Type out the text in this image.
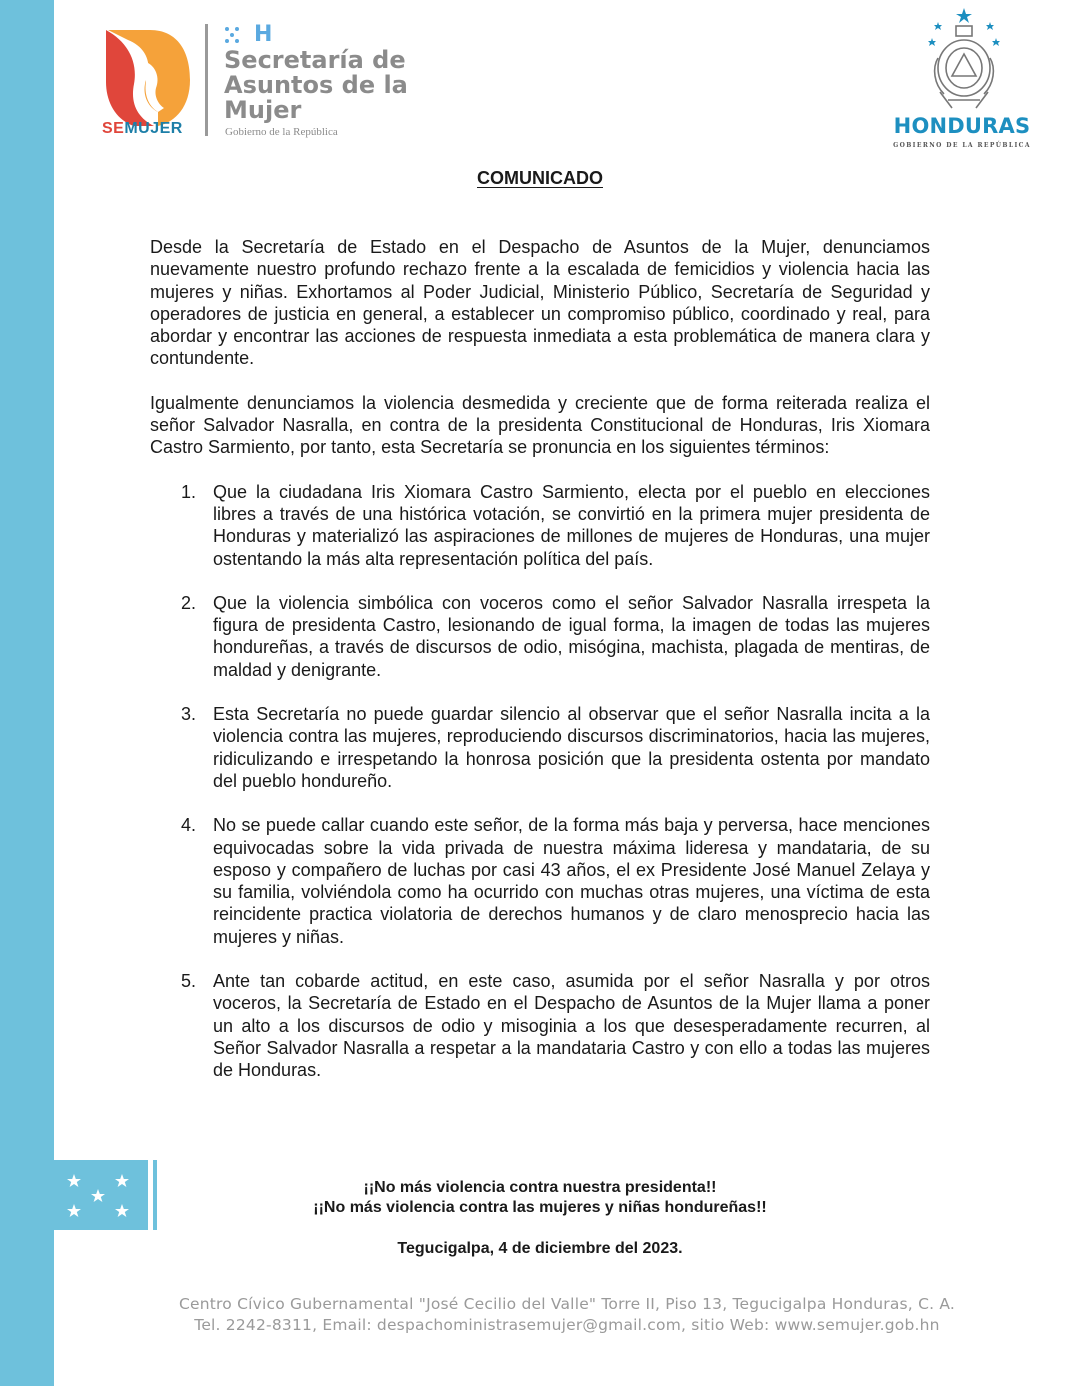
SEMUJER
H
Secretaría de
Asuntos de la
Mujer
Gobierno de la República	HONDURAS
GOBIERNO DE LA REPÚBLICA
COMUNICADO

Desde la Secretaría de Estado en el Despacho de Asuntos de la Mujer, denunciamos nuevamente nuestro profundo rechazo frente a la escalada de femicidios y violencia hacia las mujeres y niñas. Exhortamos al Poder Judicial, Ministerio Público, Secretaría de Seguridad y operadores de justicia en general, a establecer un compromiso público, coordinado y real, para abordar y encontrar las acciones de respuesta inmediata a esta problemática de manera clara y contundente.

Igualmente denunciamos la violencia desmedida y creciente que de forma reiterada realiza el señor Salvador Nasralla, en contra de la presidenta Constitucional de Honduras, Iris Xiomara Castro Sarmiento, por tanto, esta Secretaría se pronuncia en los siguientes términos:

1. Que la ciudadana Iris Xiomara Castro Sarmiento, electa por el pueblo en elecciones libres a través de una histórica votación, se convirtió en la primera mujer presidenta de Honduras y materializó las aspiraciones de millones de mujeres de Honduras, una mujer ostentando la más alta representación política del país.
2. Que la violencia simbólica con voceros como el señor Salvador Nasralla irrespeta la figura de presidenta Castro, lesionando de igual forma, la imagen de todas las mujeres hondureñas, a través de discursos de odio, misógina, machista, plagada de mentiras, de maldad y denigrante.
3. Esta Secretaría no puede guardar silencio al observar que el señor Nasralla incita a la violencia contra las mujeres, reproduciendo discursos discriminatorios, hacia las mujeres, ridiculizando e irrespetando la honrosa posición que la presidenta ostenta por mandato del pueblo hondureño.
4. No se puede callar cuando este señor, de la forma más baja y perversa, hace menciones equivocadas sobre la vida privada de nuestra máxima lideresa y mandataria, de su esposo y compañero de luchas por casi 43 años, el ex Presidente José Manuel Zelaya y su familia, volviéndola como ha ocurrido con muchas otras mujeres, una víctima de esta reincidente practica violatoria de derechos humanos y de claro menosprecio hacia las mujeres y niñas.
5. Ante tan cobarde actitud, en este caso, asumida por el señor Nasralla y por otros voceros, la Secretaría de Estado en el Despacho de Asuntos de la Mujer llama a poner un alto a los discursos de odio y misoginia a los que desesperadamente recurren, al Señor Salvador Nasralla a respetar a la mandataria Castro y con ello a todas las mujeres de Honduras.
¡¡No más violencia contra nuestra presidenta!!
¡¡No más violencia contra las mujeres y niñas hondureñas!!
Tegucigalpa, 4 de diciembre del 2023.
Centro Cívico Gubernamental "José Cecilio del Valle" Torre II, Piso 13, Tegucigalpa Honduras, C. A.
Tel. 2242-8311, Email: despachoministrasemujer@gmail.com, sitio Web: www.semujer.gob.hn
